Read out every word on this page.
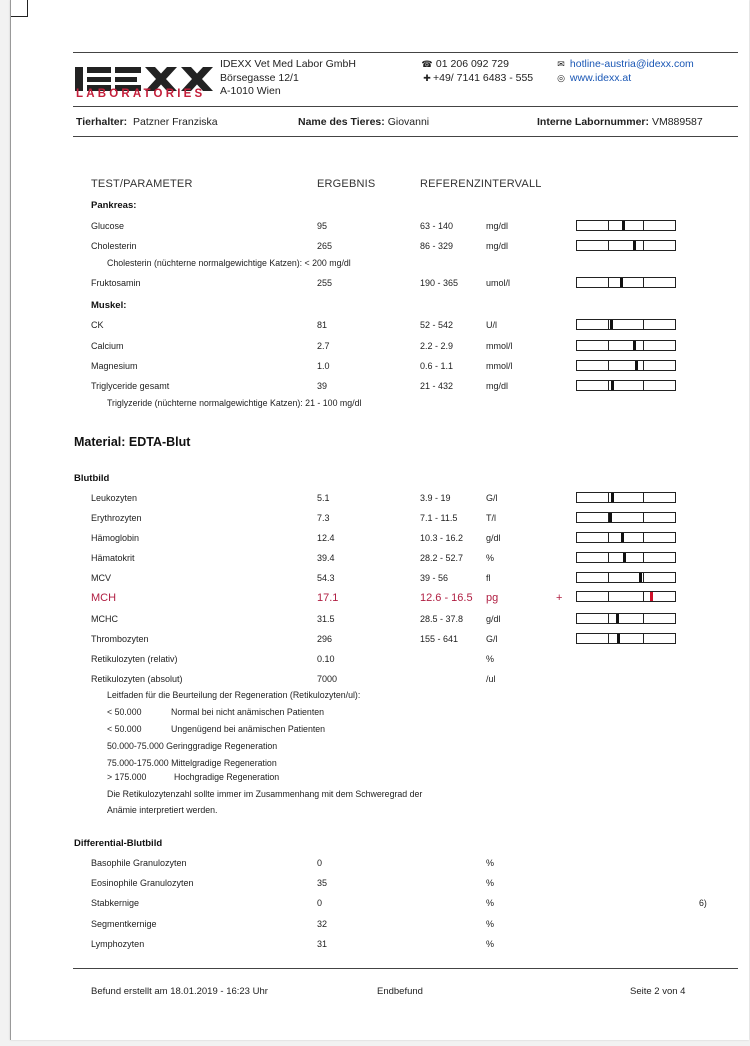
LABORATORIES
IDEXX Vet Med Labor GmbH
Börsegasse 12/1
A-1010 Wien
☎ 01 206 092 729
✚ +49/ 7141 6483 - 555
✉ hotline-austria@idexx.com
◎ www.idexx.at
Tierhalter: Patzner Franziska	Name des Tieres: Giovanni	Interne Labornummer: VM889587
TEST/PARAMETER	ERGEBNIS	REFERENZINTERVALL
Pankreas:
Glucose	95	63 - 140	mg/dl
Cholesterin	265	86 - 329	mg/dl
Cholesterin (nüchterne normalgewichtige Katzen): < 200 mg/dl
Fruktosamin	255	190 - 365	umol/l
Muskel:
CK	81	52 - 542	U/l
Calcium	2.7	2.2 - 2.9	mmol/l
Magnesium	1.0	0.6 - 1.1	mmol/l
Triglyceride gesamt	39	21 - 432	mg/dl
Triglyzeride (nüchterne normalgewichtige Katzen): 21 - 100 mg/dl
Material: EDTA-Blut
Blutbild
Leukozyten	5.1	3.9 - 19	G/l
Erythrozyten	7.3	7.1 - 11.5	T/l
Hämoglobin	12.4	10.3 - 16.2	g/dl
Hämatokrit	39.4	28.2 - 52.7	%
MCV	54.3	39 - 56	fl
MCH	17.1	12.6 - 16.5 pg	+
MCHC	31.5	28.5 - 37.8	g/dl
Thrombozyten	296	155 - 641	G/l
Retikulozyten (relativ)	0.10	%
Retikulozyten (absolut)	7000	/ul
Leitfaden für die Beurteilung der Regeneration (Retikulozyten/ul):
< 50.000	Normal bei nicht anämischen Patienten
< 50.000	Ungenügend bei anämischen Patienten
50.000-75.000 Geringgradige Regeneration
75.000-175.000 Mittelgradige Regeneration
> 175.000	Hochgradige Regeneration
Die Retikulozytenzahl sollte immer im Zusammenhang mit dem Schweregrad der
Anämie interpretiert werden.
Differential-Blutbild
Basophile Granulozyten	0	%
Eosinophile Granulozyten	35	%
Stabkernige	0	%
Segmentkernige	32	%
Lymphozyten	31	%
6)
Befund erstellt am 18.01.2019 - 16:23 Uhr	Endbefund	Seite 2 von 4
